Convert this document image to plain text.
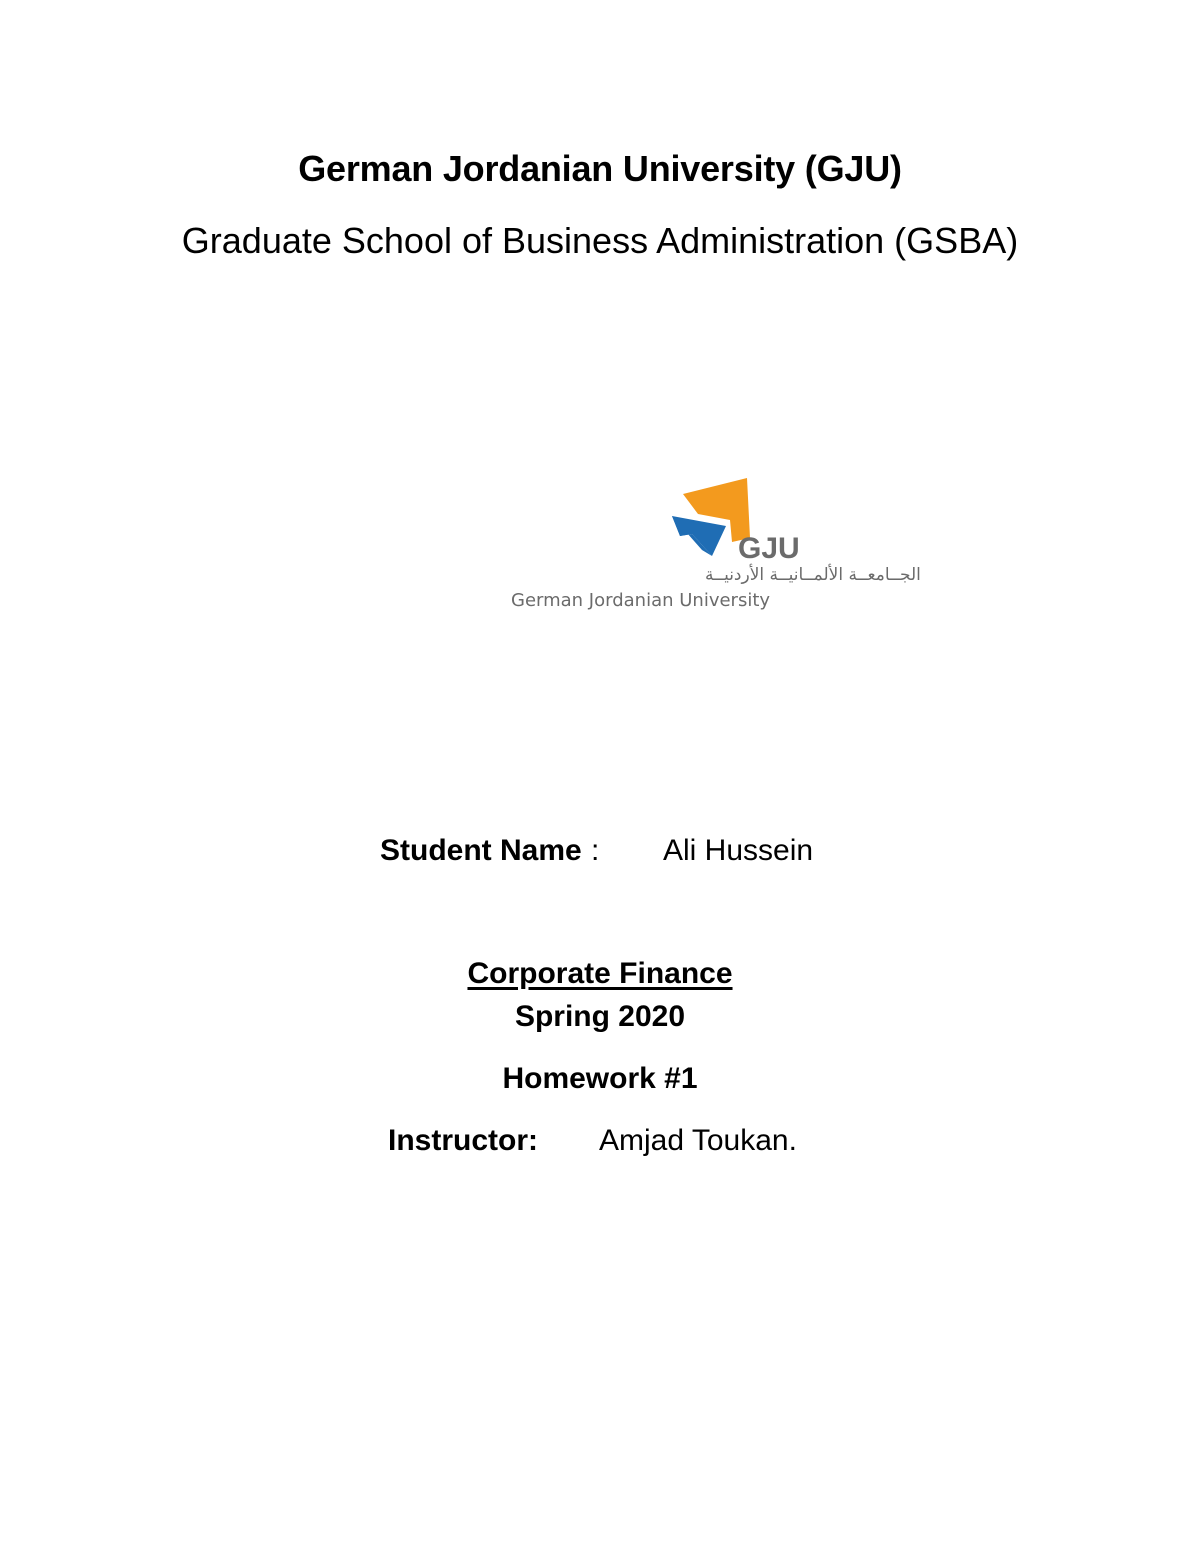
German Jordanian University (GJU)
Graduate School of Business Administration (GSBA)
GJU
الجــامعــة الألمــانيــة الأردنيــة
German Jordanian University
Student Name : Ali Hussein
Corporate Finance
Spring 2020
Homework #1
Instructor: Amjad Toukan.
